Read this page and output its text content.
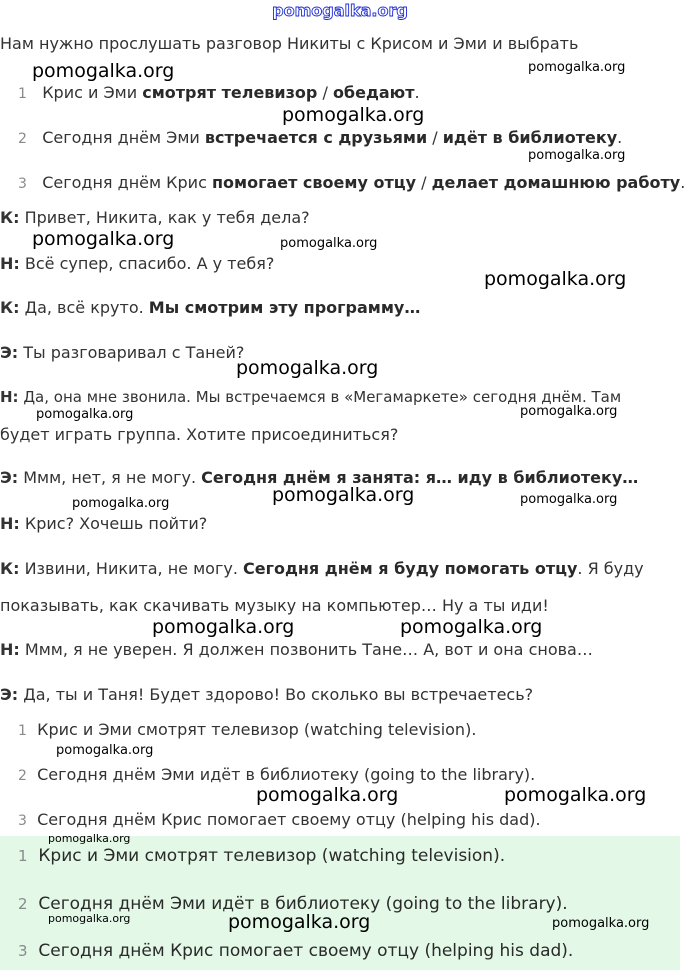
pomogalka.org
Нам нужно прослушать разговор Никиты с Крисом и Эми и выбрать
1 Крис и Эми смотрят телевизор / обедают.
2 Сегодня днём Эми встречается с друзьями / идёт в библиотеку.
3 Сегодня днём Крис помогает своему отцу / делает домашнюю работу.
К: Привет, Никита, как у тебя дела?
Н: Всё супер, спасибо. А у тебя?
К: Да, всё круто. Мы смотрим эту программу…
Э: Ты разговаривал с Таней?
Н: Да, она мне звонила. Мы встречаемся в «Мегамаркете» сегодня днём. Там
будет играть группа. Хотите присоединиться?
Э: Ммм, нет, я не могу. Сегодня днём я занята: я… иду в библиотеку…
Н: Крис? Хочешь пойти?
К: Извини, Никита, не могу. Сегодня днём я буду помогать отцу. Я буду
показывать, как скачивать музыку на компьютер… Ну а ты иди!
Н: Ммм, я не уверен. Я должен позвонить Тане… А, вот и она снова…
Э: Да, ты и Таня! Будет здорово! Во сколько вы встречаетесь?
1 Крис и Эми смотрят телевизор (watching television).
2 Сегодня днём Эми идёт в библиотеку (going to the library).
3 Сегодня днём Крис помогает своему отцу (helping his dad).
1 Крис и Эми смотрят телевизор (watching television).
2 Сегодня днём Эми идёт в библиотеку (going to the library).
3 Сегодня днём Крис помогает своему отцу (helping his dad).
pomogalka.org	pomogalka.org
pomogalka.org
pomogalka.org
pomogalka.org	pomogalka.org
pomogalka.org
pomogalka.org
pomogalka.org	pomogalka.org
pomogalka.org	pomogalka.org	pomogalka.org
pomogalka.org	pomogalka.org
pomogalka.org
pomogalka.org	pomogalka.org
pomogalka.org
pomogalka.org	pomogalka.org	pomogalka.org
